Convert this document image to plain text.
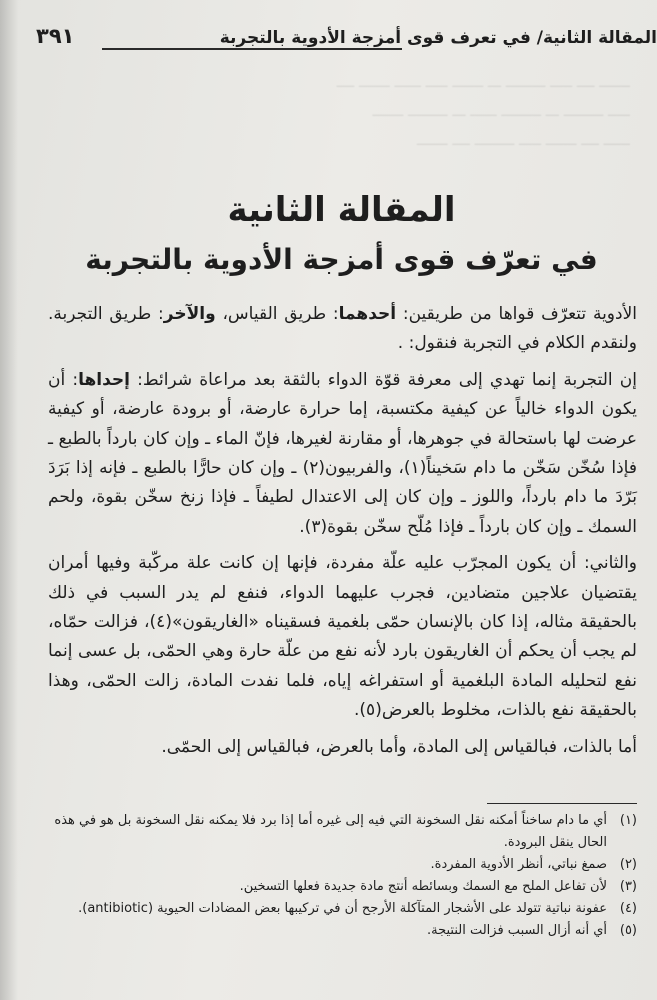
ـــــــ ــــ ـــــ ـــــــــ ـــ ـــــــ ـــــ ــــــ ـــــــ ــــ
ـــــ ـــــــــ ـــ ـــــــــ ــــــ ـــ ـــــــــ ـــــــ
ــــــ ــــ ـــــــ ـــــ ـــــــــ ــــ ـــــــ
المقالة الثانية/ في تعرف قوى أمزجة الأدوية بالتجربة
٣٩١
المقالة الثانية
في تعرّف قوى أمزجة الأدوية بالتجربة

الأدوية تتعرّف قواها من طريقين: أحدهما: طريق القياس، والآخر: طريق التجربة. ولنقدم الكلام في التجربة فنقول: .

إن التجربة إنما تهدي إلى معرفة قوّة الدواء بالثقة بعد مراعاة شرائط: إحداها: أن يكون الدواء خالياً عن كيفية مكتسبة، إما حرارة عارضة، أو برودة عارضة، أو كيفية عرضت لها باستحالة في جوهرها، أو مقارنة لغيرها، فإنّ الماء ـ وإن كان بارداً بالطبع ـ فإذا سُخّن سَخّن ما دام سَخيناً(١)، والفربيون(٢) ـ وإن كان حارًّا بالطبع ـ فإنه إذا بَرَدَ بَرّدَ ما دام بارداً، واللوز ـ وإن كان إلى الاعتدال لطيفاً ـ فإذا زنخ سخّن بقوة، ولحم السمك ـ وإن كان بارداً ـ فإذا مُلّح سخّن بقوة(٣).

والثاني: أن يكون المجرّب عليه علّة مفردة، فإنها إن كانت علة مركّبة وفيها أمران يقتضيان علاجين متضادين، فجرب عليهما الدواء، فنفع لم يدر السبب في ذلك بالحقيقة مثاله، إذا كان بالإنسان حمّى بلغمية فسقيناه «الغاريقون»(٤)، فزالت حمّاه، لم يجب أن يحكم أن الغاريقون بارد لأنه نفع من علّة حارة وهي الحمّى، بل عسى إنما نفع لتحليله المادة البلغمية أو استفراغه إياه، فلما نفدت المادة، زالت الحمّى، وهذا بالحقيقة نفع بالذات، مخلوط بالعرض(٥).

أما بالذات، فبالقياس إلى المادة، وأما بالعرض، فبالقياس إلى الحمّى.

(١)
أي ما دام ساخناً أمكنه نقل السخونة التي فيه إلى غيره أما إذا برد فلا يمكنه نقل السخونة بل هو في هذه الحال ينقل البرودة.
(٢)
صمغ نباتي، أنظر الأدوية المفردة.
(٣)
لأن تفاعل الملح مع السمك وبسائطه أنتج مادة جديدة فعلها التسخين.
(٤)
عفونة نباتية تتولد على الأشجار المتآكلة الأرجح أن في تركيبها بعض المضادات الحيوية (antibiotic).
(٥)
أي أنه أزال السبب فزالت النتيجة.
